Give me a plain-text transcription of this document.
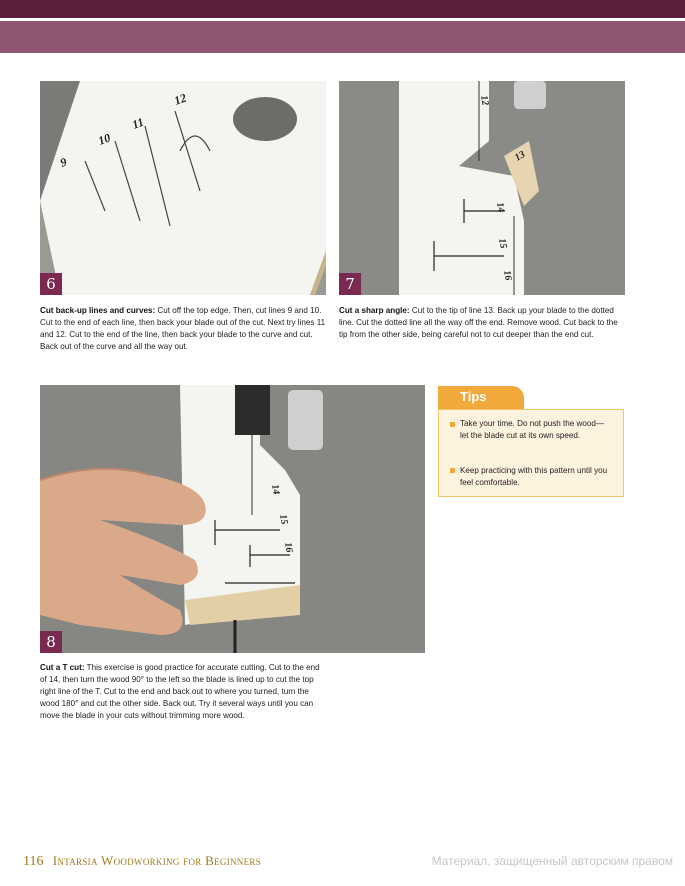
9
10
11
12
6
12
13
14
15
16
7
Cut back-up lines and curves: Cut off the top edge. Then, cut lines 9 and 10. Cut to the end of each line, then back your blade out of the cut. Next try lines 11 and 12. Cut to the end of the line, then back your blade to the curve and cut. Back out of the curve and all the way out.
Cut a sharp angle: Cut to the tip of line 13. Back up your blade to the dotted line. Cut the dotted line all the way off the end. Remove wood. Cut back to the tip from the other side, being careful not to cut deeper than the end cut.
14
15
16
8
Cut a T cut: This exercise is good practice for accurate cutting. Cut to the end of 14, then turn the wood 90° to the left so the blade is lined up to cut the top right line of the T. Cut to the end and back out to where you turned, turn the wood 180° and cut the other side. Back out. Try it several ways until you can move the blade in your cuts without trimming more wood.
Tips
Take your time. Do not push the wood—let the blade cut at its own speed.
Keep practicing with this pattern until you feel comfortable.
116 Intarsia Woodworking for Beginners	Материал, защищенный авторским правом
